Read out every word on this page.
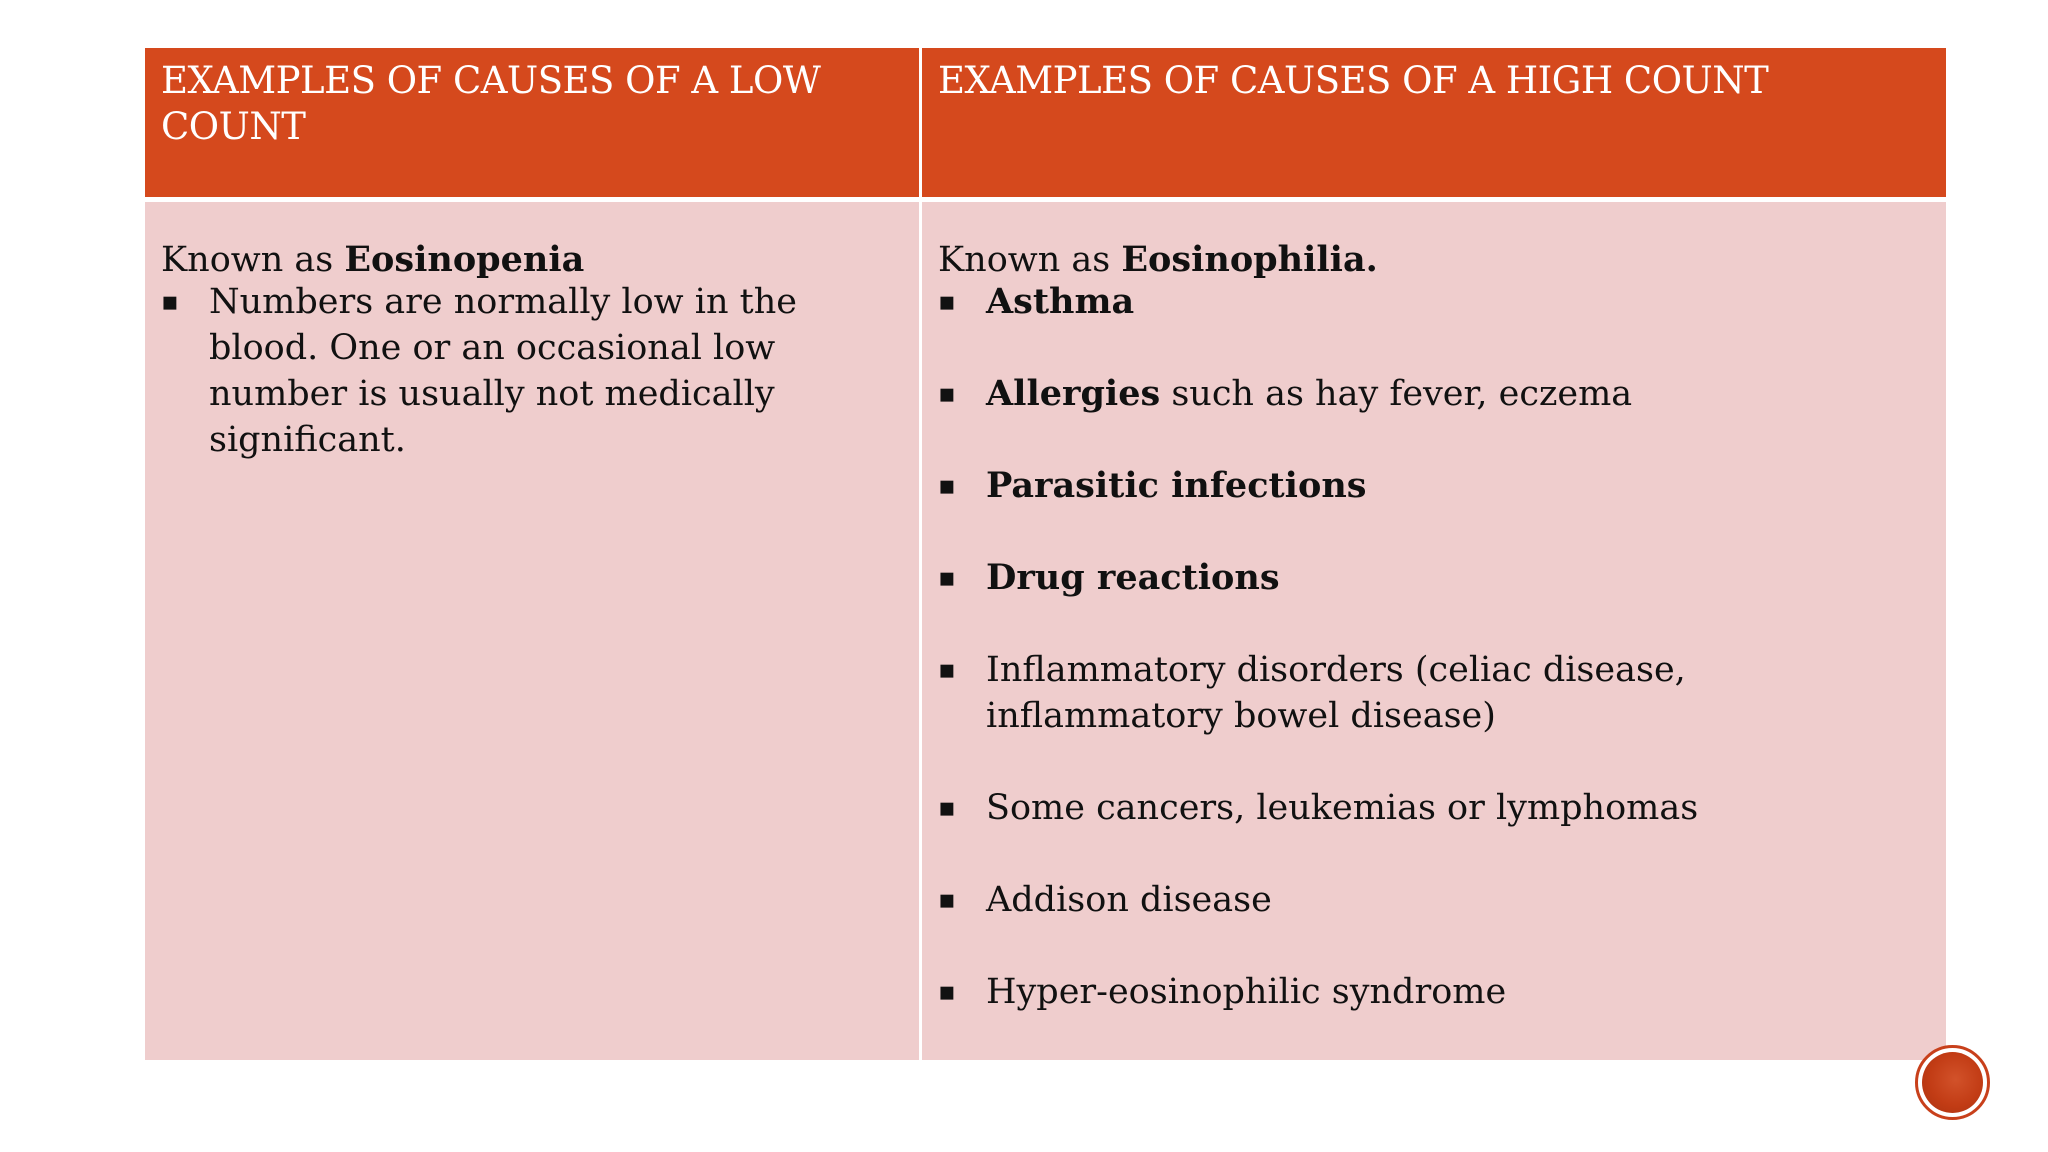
EXAMPLES OF CAUSES OF A LOW COUNT
EXAMPLES OF CAUSES OF A HIGH COUNT
Known as Eosinopenia
▪ Numbers are normally low in the blood. One or an occasional low number is usually not medically significant.
Known as Eosinophilia.
▪ Asthma
▪ Allergies such as hay fever, eczema
▪ Parasitic infections
▪ Drug reactions
▪ Inflammatory disorders (celiac disease, inflammatory bowel disease)
▪ Some cancers, leukemias or lymphomas
▪ Addison disease
▪ Hyper-eosinophilic syndrome
